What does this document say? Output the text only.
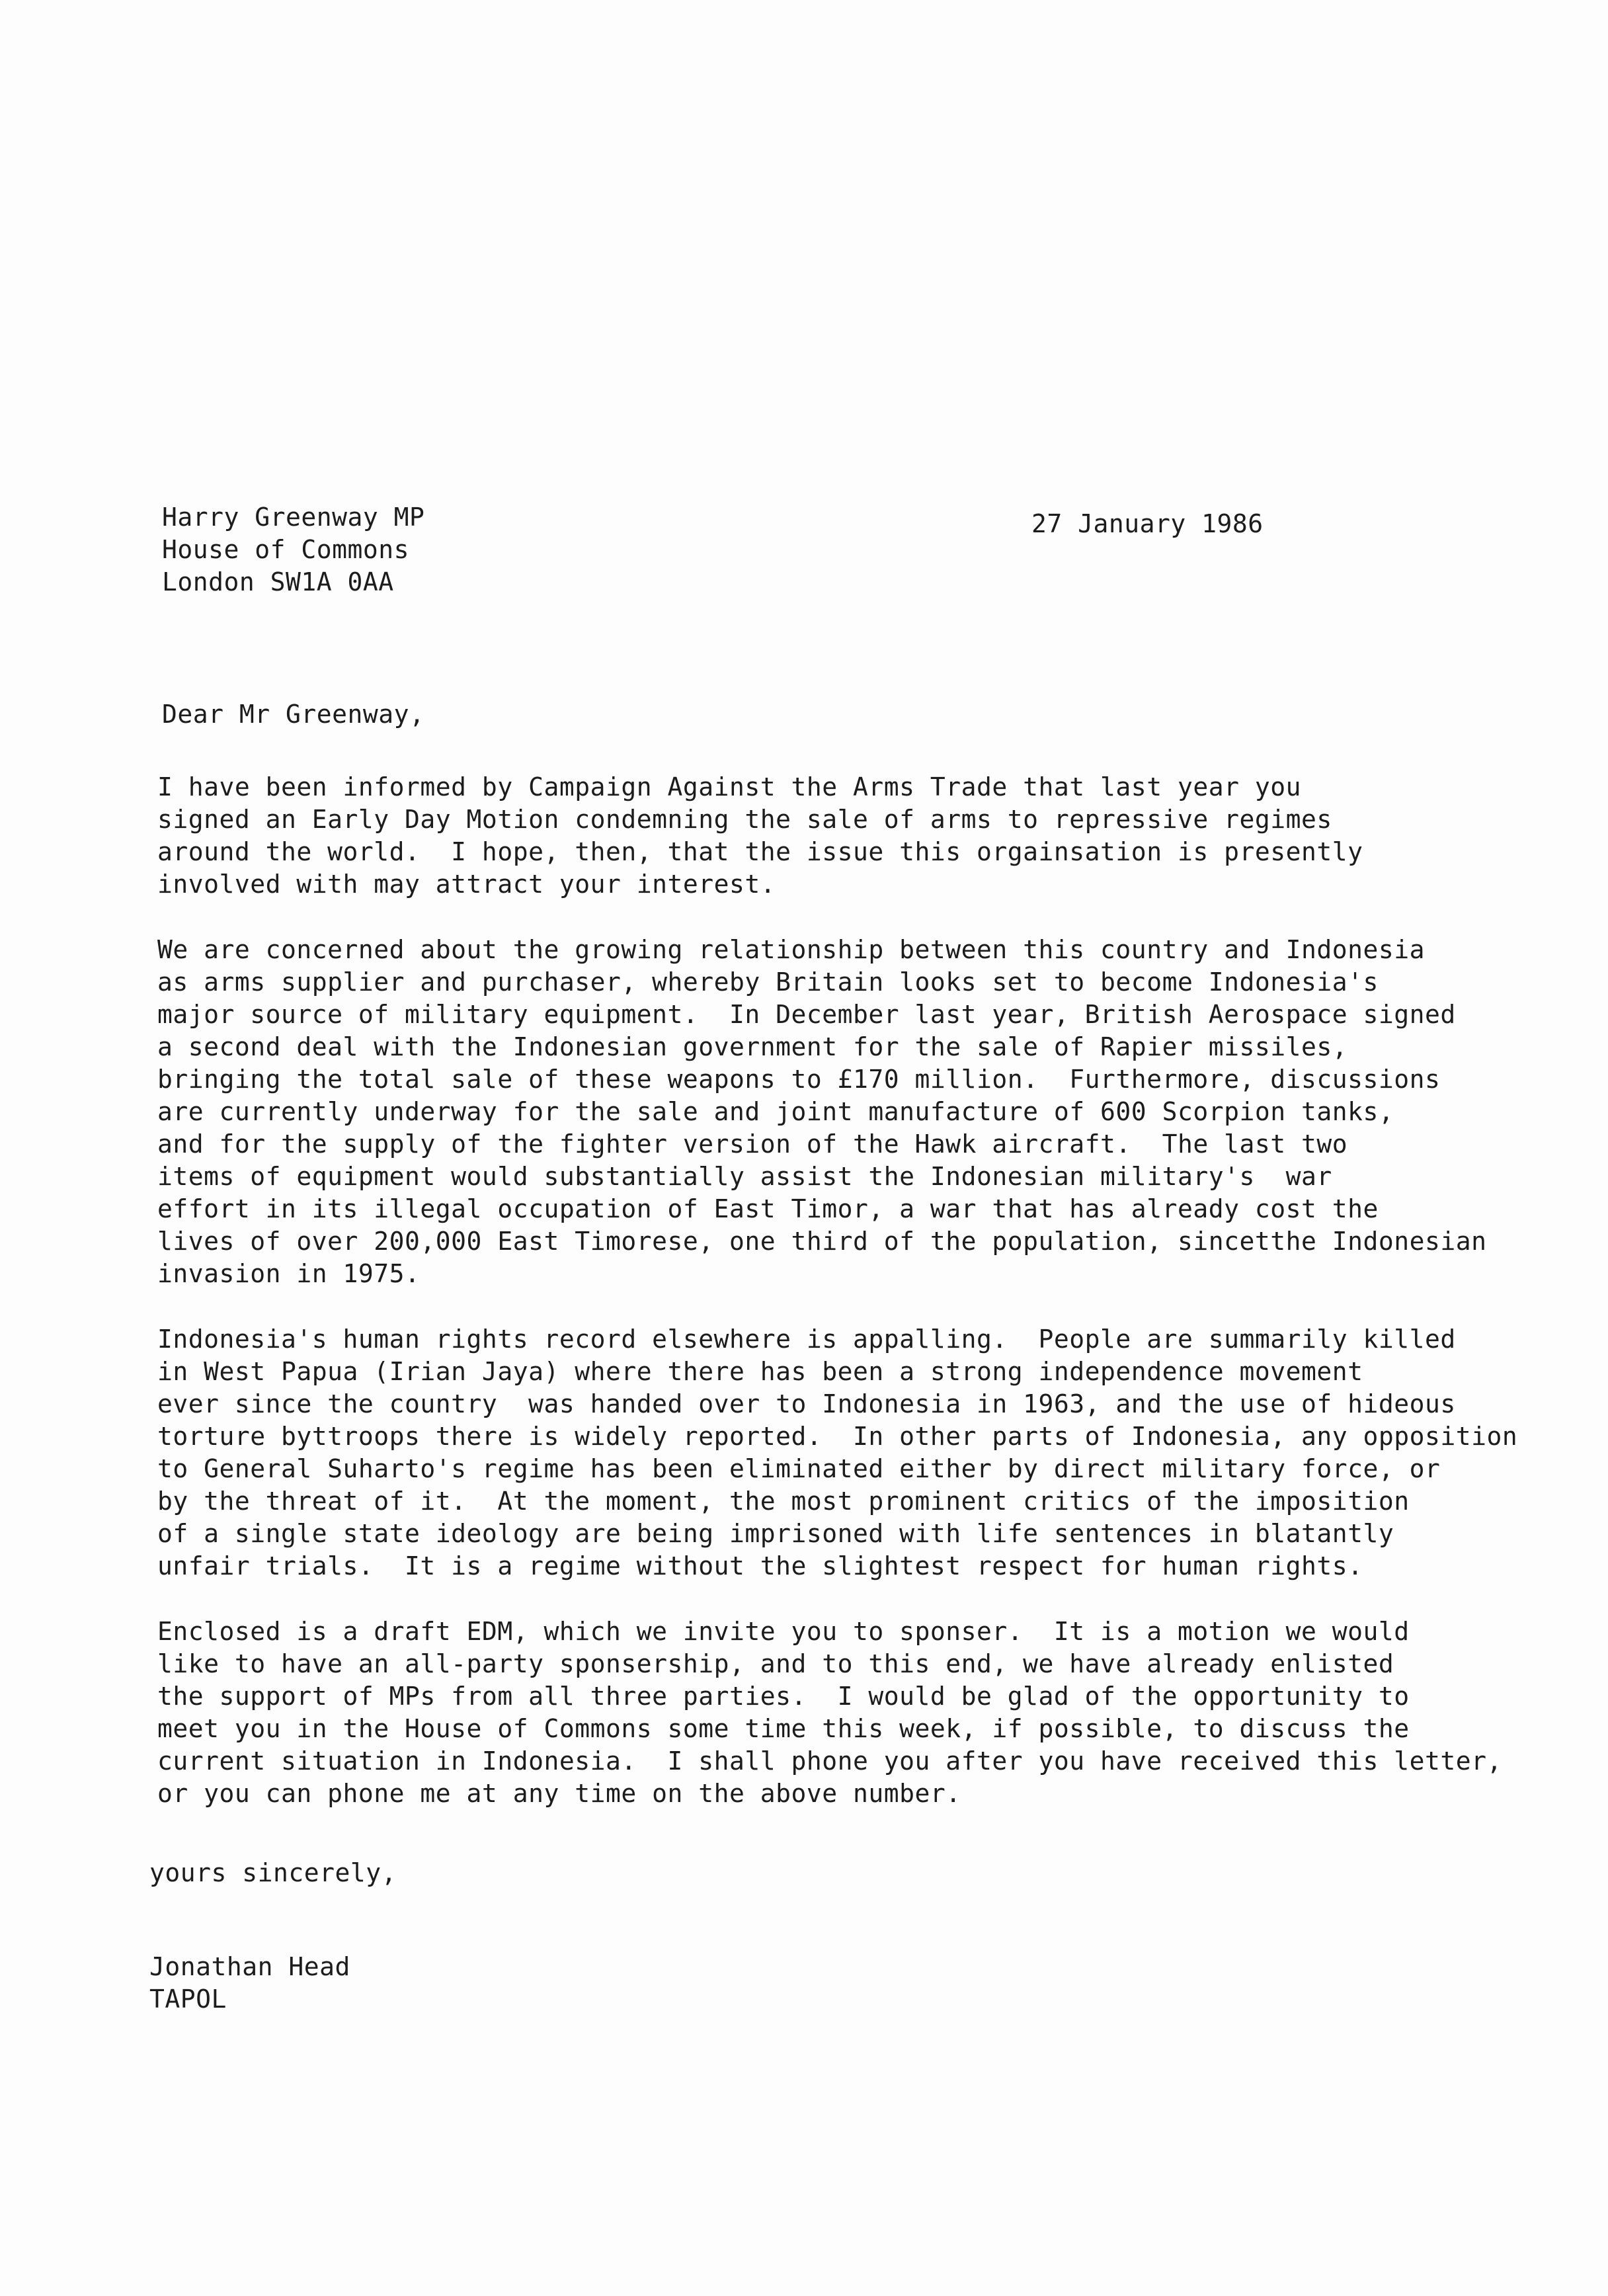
Harry Greenway MP
House of Commons
London SW1A 0AA
27 January 1986
Dear Mr Greenway,
I have been informed by Campaign Against the Arms Trade that last year you
signed an Early Day Motion condemning the sale of arms to repressive regimes
around the world.  I hope, then, that the issue this orgainsation is presently
involved with may attract your interest.
We are concerned about the growing relationship between this country and Indonesia
as arms supplier and purchaser, whereby Britain looks set to become Indonesia's
major source of military equipment.  In December last year, British Aerospace signed
a second deal with the Indonesian government for the sale of Rapier missiles,
bringing the total sale of these weapons to £170 million.  Furthermore, discussions
are currently underway for the sale and joint manufacture of 600 Scorpion tanks,
and for the supply of the fighter version of the Hawk aircraft.  The last two
items of equipment would substantially assist the Indonesian military's  war
effort in its illegal occupation of East Timor, a war that has already cost the
lives of over 200,000 East Timorese, one third of the population, sincetthe Indonesian
invasion in 1975.
Indonesia's human rights record elsewhere is appalling.  People are summarily killed
in West Papua (Irian Jaya) where there has been a strong independence movement
ever since the country  was handed over to Indonesia in 1963, and the use of hideous
torture byttroops there is widely reported.  In other parts of Indonesia, any opposition
to General Suharto's regime has been eliminated either by direct military force, or
by the threat of it.  At the moment, the most prominent critics of the imposition
of a single state ideology are being imprisoned with life sentences in blatantly
unfair trials.  It is a regime without the slightest respect for human rights.
Enclosed is a draft EDM, which we invite you to sponser.  It is a motion we would
like to have an all-party sponsership, and to this end, we have already enlisted
the support of MPs from all three parties.  I would be glad of the opportunity to
meet you in the House of Commons some time this week, if possible, to discuss the
current situation in Indonesia.  I shall phone you after you have received this letter,
or you can phone me at any time on the above number.
yours sincerely,
Jonathan Head
TAPOL
